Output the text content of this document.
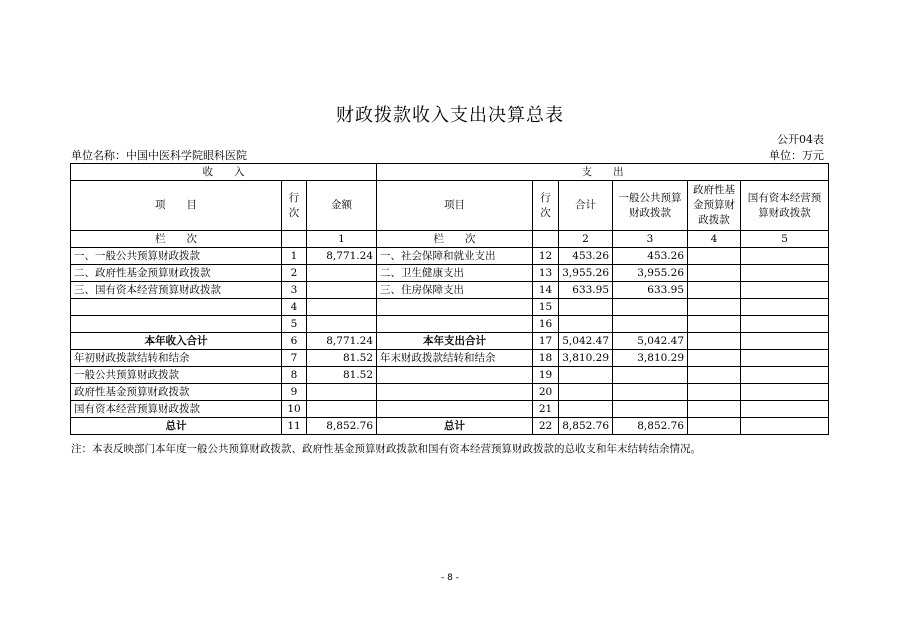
财政拨款收入支出决算总表
公开04表
单位名称：中国中医科学院眼科医院	单位：万元
收　　入			支　　出					
项　　目	行次	金额	项目	行次	合计	一般公共预算财政拨款	政府性基金预算财政拨款	国有资本经营预算财政拨款
栏　　次		1	栏　　次		2	3	4	5
一、一般公共预算财政拨款	1	8,771.24	一、社会保障和就业支出	12	453.26	453.26		
二、政府性基金预算财政拨款	2		二、卫生健康支出	13	3,955.26	3,955.26		
三、国有资本经营预算财政拨款	3		三、住房保障支出	14	633.95	633.95		
	4			15				
	5			16				
本年收入合计	6	8,771.24	本年支出合计	17	5,042.47	5,042.47		
年初财政拨款结转和结余	7	81.52	年末财政拨款结转和结余	18	3,810.29	3,810.29		
一般公共预算财政拨款	8	81.52		19				
政府性基金预算财政拨款	9			20				
国有资本经营预算财政拨款	10			21				
总计	11	8,852.76	总计	22	8,852.76	8,852.76		
注：本表反映部门本年度一般公共预算财政拨款、政府性基金预算财政拨款和国有资本经营预算财政拨款的总收支和年末结转结余情况。
- 8 -
